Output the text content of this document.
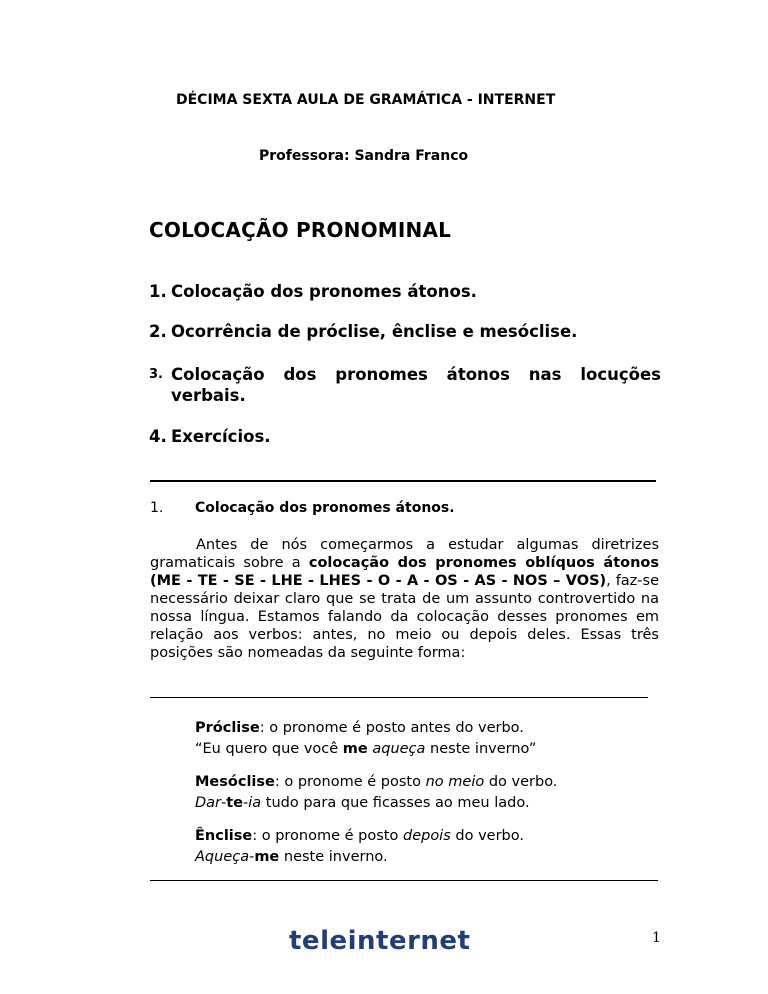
DÉCIMA SEXTA AULA DE GRAMÁTICA - INTERNET
Professora: Sandra Franco
COLOCAÇÃO PRONOMINAL
1. Colocação dos pronomes átonos.
2. Ocorrência de próclise, ênclise e mesóclise.
3. Colocação dos pronomes átonos nas locuções verbais.
4. Exercícios.
1. Colocação dos pronomes átonos.
Antes de nós começarmos a estudar algumas diretrizes gramaticais sobre a colocação dos pronomes oblíquos átonos (ME - TE - SE - LHE - LHES - O - A - OS - AS - NOS – VOS), faz-se necessário deixar claro que se trata de um assunto controvertido na nossa língua. Estamos falando da colocação desses pronomes em relação aos verbos: antes, no meio ou depois deles. Essas três posições são nomeadas da seguinte forma:
Próclise: o pronome é posto antes do verbo.
“Eu quero que você me aqueça neste inverno”
Mesóclise: o pronome é posto no meio do verbo.
Dar-te-ia tudo para que ficasses ao meu lado.
Ênclise: o pronome é posto depois do verbo.
Aqueça-me neste inverno.
teleinternet	1
